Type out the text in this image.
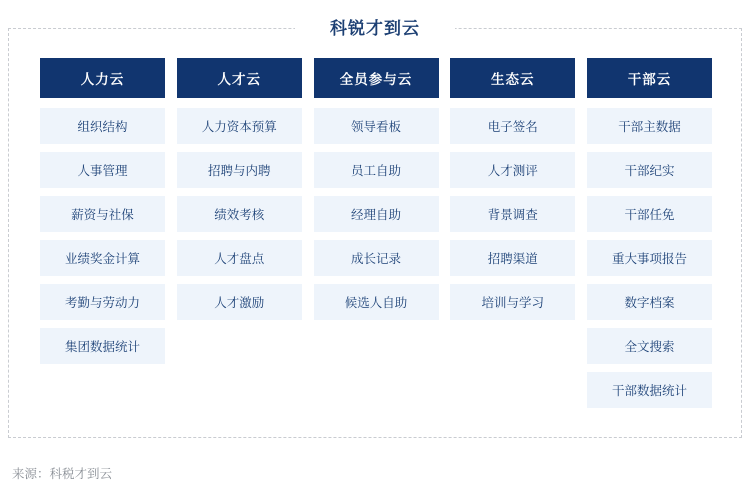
科锐才到云
人力云
组织结构
人事管理
薪资与社保
业绩奖金计算
考勤与劳动力
集团数据统计
人才云
人力资本预算
招聘与内聘
绩效考核
人才盘点
人才激励
全员参与云
领导看板
员工自助
经理自助
成长记录
候选人自助
生态云
电子签名
人才测评
背景调查
招聘渠道
培训与学习
干部云
干部主数据
干部纪实
干部任免
重大事项报告
数字档案
全文搜索
干部数据统计
来源：科税才到云
